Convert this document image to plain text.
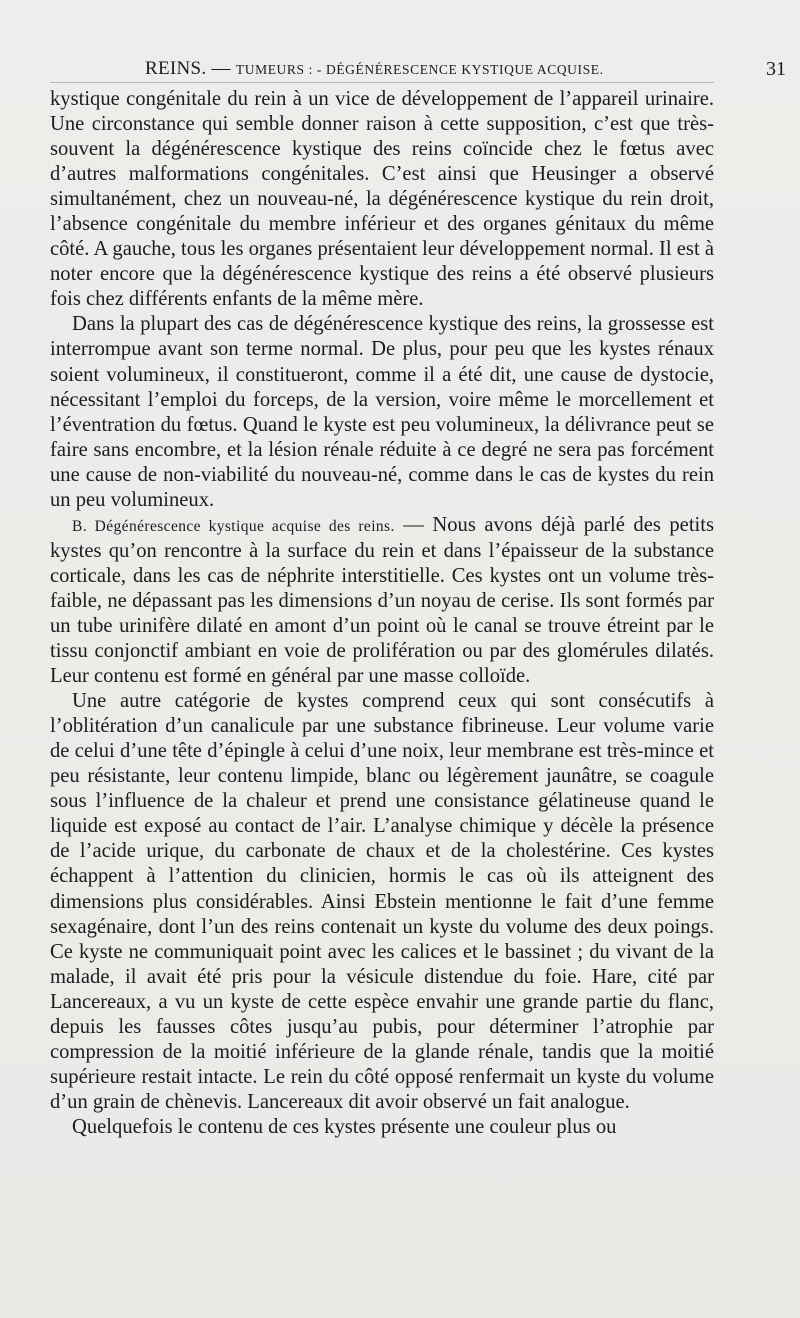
REINS. — TUMEURS : - DÉGÉNÉRESCENCE KYSTIQUE ACQUISE.	31

kystique congénitale du rein à un vice de développement de l’appareil urinaire. Une circonstance qui semble donner raison à cette supposition, c’est que très-souvent la dégénérescence kystique des reins coïncide chez le fœtus avec d’autres malformations congénitales. C’est ainsi que Heusinger a observé simultanément, chez un nouveau-né, la dégénérescence kystique du rein droit, l’absence congénitale du membre inférieur et des organes génitaux du même côté. A gauche, tous les organes présentaient leur développement normal. Il est à noter encore que la dégénérescence kystique des reins a été observé plusieurs fois chez différents enfants de la même mère.

Dans la plupart des cas de dégénérescence kystique des reins, la grossesse est interrompue avant son terme normal. De plus, pour peu que les kystes rénaux soient volumineux, il constitueront, comme il a été dit, une cause de dystocie, nécessitant l’emploi du forceps, de la version, voire même le morcellement et l’éventration du fœtus. Quand le kyste est peu volumineux, la délivrance peut se faire sans encombre, et la lésion rénale réduite à ce degré ne sera pas forcément une cause de non-viabilité du nouveau-né, comme dans le cas de kystes du rein un peu volumineux.

B. Dégénérescence kystique acquise des reins. — Nous avons déjà parlé des petits kystes qu’on rencontre à la surface du rein et dans l’épaisseur de la substance corticale, dans les cas de néphrite interstitielle. Ces kystes ont un volume très-faible, ne dépassant pas les dimensions d’un noyau de cerise. Ils sont formés par un tube urinifère dilaté en amont d’un point où le canal se trouve étreint par le tissu conjonctif ambiant en voie de prolifération ou par des glomérules dilatés. Leur contenu est formé en général par une masse colloïde.

Une autre catégorie de kystes comprend ceux qui sont consécutifs à l’oblitération d’un canalicule par une substance fibrineuse. Leur volume varie de celui d’une tête d’épingle à celui d’une noix, leur membrane est très-mince et peu résistante, leur contenu limpide, blanc ou légèrement jaunâtre, se coagule sous l’influence de la chaleur et prend une consistance gélatineuse quand le liquide est exposé au contact de l’air. L’analyse chimique y décèle la présence de l’acide urique, du carbonate de chaux et de la cholestérine. Ces kystes échappent à l’attention du clinicien, hormis le cas où ils atteignent des dimensions plus considérables. Ainsi Ebstein mentionne le fait d’une femme sexagénaire, dont l’un des reins contenait un kyste du volume des deux poings. Ce kyste ne communiquait point avec les calices et le bassinet ; du vivant de la malade, il avait été pris pour la vésicule distendue du foie. Hare, cité par Lancereaux, a vu un kyste de cette espèce envahir une grande partie du flanc, depuis les fausses côtes jusqu’au pubis, pour déterminer l’atrophie par compression de la moitié inférieure de la glande rénale, tandis que la moitié supérieure restait intacte. Le rein du côté opposé renfermait un kyste du volume d’un grain de chènevis. Lancereaux dit avoir observé un fait analogue.

Quelquefois le contenu de ces kystes présente une couleur plus ou
